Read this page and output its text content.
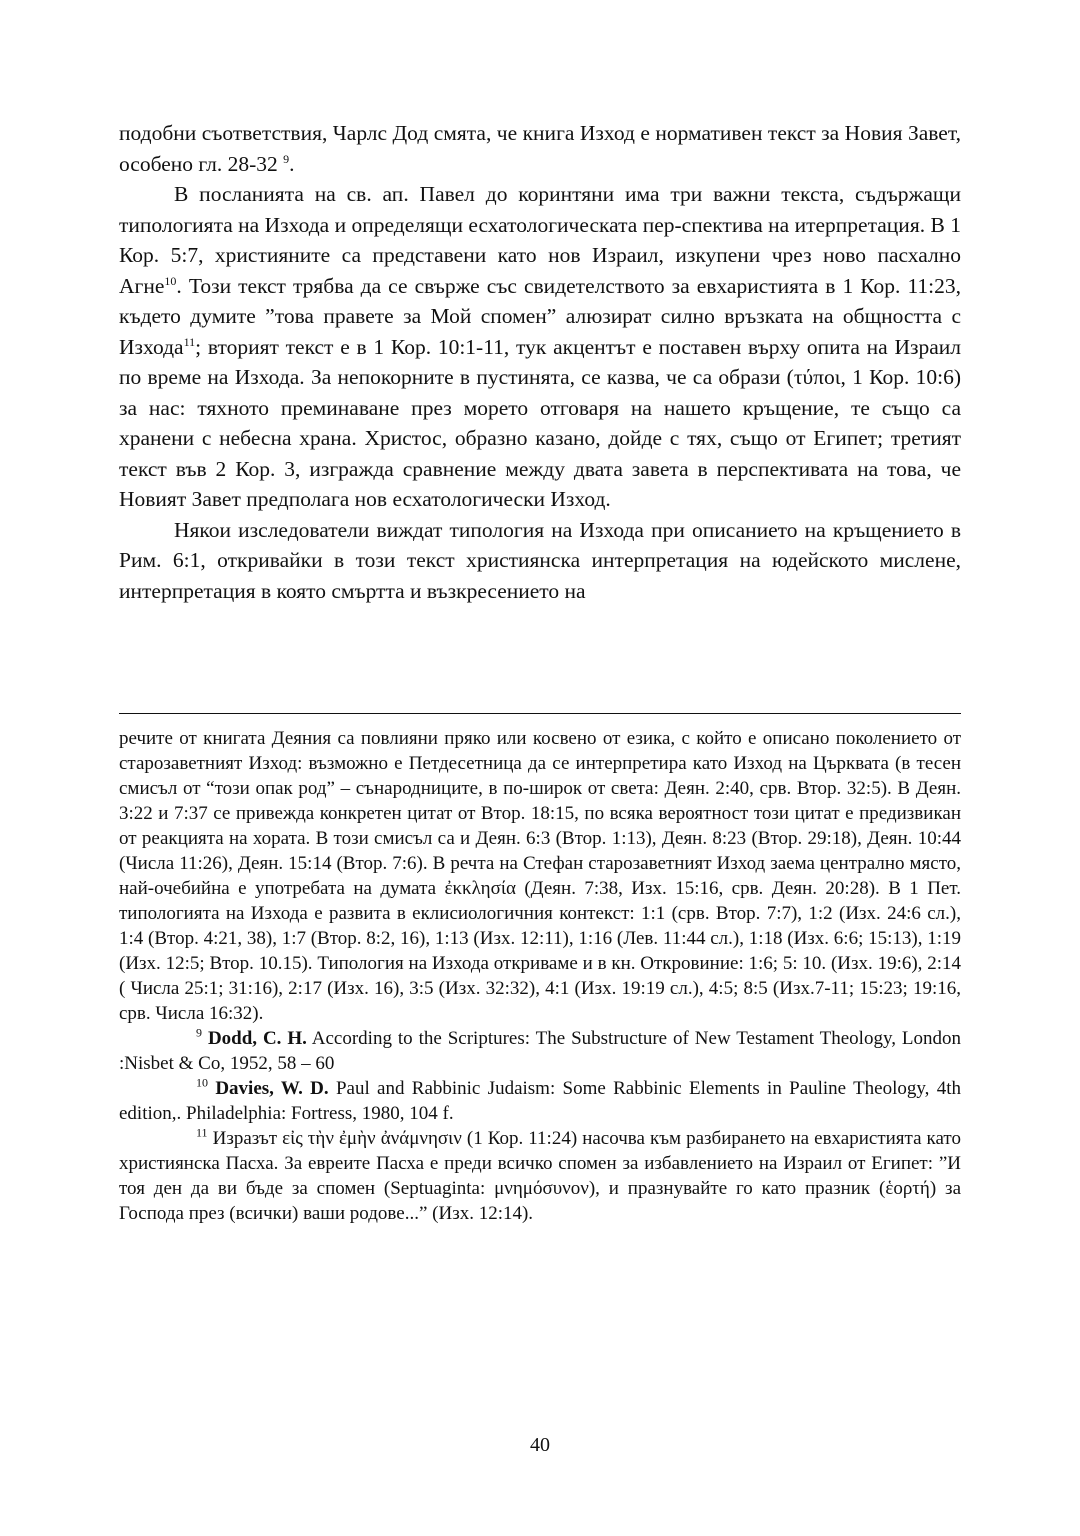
подобни съответствия, Чарлс Дод смята, че книга Изход е нормативен текст за Новия Завет, особено гл. 28-32 $^9$.

В посланията на св. ап. Павел до коринтяни има три важни текста, съдържащи типологията на Изхода и определящи есхатологическата пер-спектива на итерпретация. В 1 Кор. 5:7, християните са представени като нов Израил, изкупени чрез ново пасхално Агне$^{10}$. Този текст трябва да се свърже със свидетелството за евхаристията в 1 Кор. 11:23, където думите ”това правете за Мой спомен” алюзират силно връзката на общността с Изхода$^{11}$; вторият текст е в 1 Кор. 10:1-11, тук акцентът е поставен върху опита на Израил по време на Изхода. За непокорните в пустинята, се казва, че са образи (τύποι, 1 Кор. 10:6) за нас: тяхното преминаване през морето отговаря на нашето кръщение, те също са хранени с небесна храна. Христос, образно казано, дойде с тях, също от Египет; третият текст във 2 Кор. 3, изгражда сравнение между двата завета в перспективата на това, че Новият Завет предполага нов есхатологически Изход.

Някои изследователи виждат типология на Изхода при описанието на кръщението в Рим. 6:1, откривайки в този текст християнска интерпретация на юдейското мислене, интерпретация в която смъртта и възкресението на

речите от книгата Деяния са повлияни пряко или косвено от езика, с който е описано поколението от старозаветният Изход: възможно е Петдесетница да се интерпретира като Изход на Църквата (в тесен смисъл от “този опак род” – сънародниците, в по-широк от света: Деян. 2:40, срв. Втор. 32:5). В Деян. 3:22 и 7:37 се привежда конкретен цитат от Втор. 18:15, по всяка вероятност този цитат е предизвикан от реакцията на хората. В този смисъл са и Деян. 6:3 (Втор. 1:13), Деян. 8:23 (Втор. 29:18), Деян. 10:44 (Числа 11:26), Деян. 15:14 (Втор. 7:6). В речта на Стефан старозаветният Изход заема централно място, най-очебийна е употребата на думата ἐκκλησία (Деян. 7:38, Изх. 15:16, срв. Деян. 20:28). В 1 Пет. типологията на Изхода е развита в еклисиологичния контекст: 1:1 (срв. Втор. 7:7), 1:2 (Изх. 24:6 сл.), 1:4 (Втор. 4:21, 38), 1:7 (Втор. 8:2, 16), 1:13 (Изх. 12:11), 1:16 (Лев. 11:44 сл.), 1:18 (Изх. 6:6; 15:13), 1:19 (Изх. 12:5; Втор. 10.15). Типология на Изхода откриваме и в кн. Откровиние: 1:6; 5: 10. (Изх. 19:6), 2:14 ( Числа 25:1; 31:16), 2:17 (Изх. 16), 3:5 (Изх. 32:32), 4:1 (Изх. 19:19 сл.), 4:5; 8:5 (Изх.7-11; 15:23; 19:16, срв. Числа 16:32).

$^9$ Dodd, C. H. According to the Scriptures: The Substructure of New Testament Theology, London :Nisbet & Co, 1952, 58 – 60

$^{10}$ Davies, W. D. Paul and Rabbinic Judaism: Some Rabbinic Elements in Pauline Theology, 4th edition,. Philadelphia: Fortress, 1980, 104 f.

$^{11}$ Изразът εἰς τὴν ἐμὴν ἀνάμνησιν (1 Кор. 11:24) насочва към разбирането на евхаристията като християнска Пасха. За евреите Пасха е преди всичко спомен за избавлението на Израил от Египет: ”И тоя ден да ви бъде за спомен (Septuaginta: μνημόσυνον), и празнувайте го като празник (ἑορτή) за Господа през (всички) ваши родове...” (Изх. 12:14).

40
